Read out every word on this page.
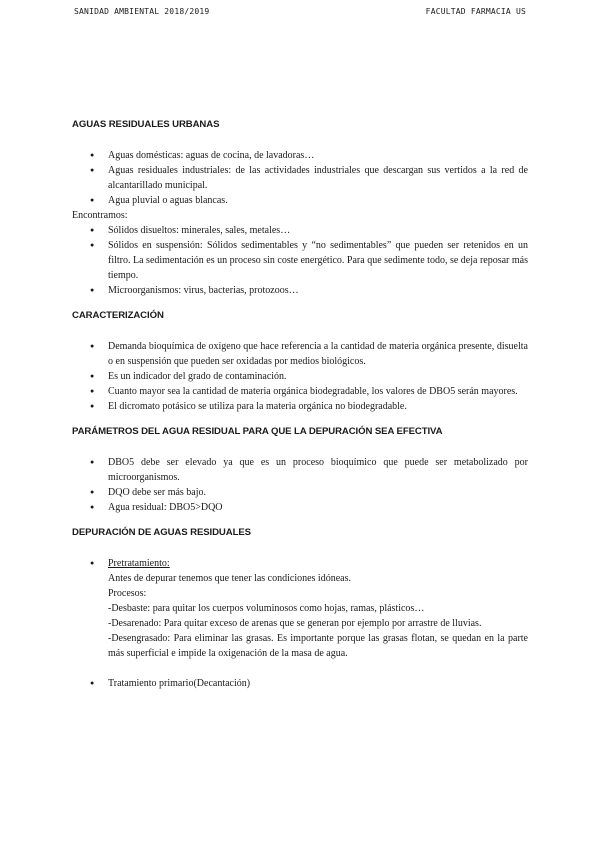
SANIDAD AMBIENTAL 2018/2019	FACULTAD FARMACIA US
AGUAS RESIDUALES URBANAS
● Aguas domésticas: aguas de cocina, de lavadoras…
● Aguas residuales industriales: de las actividades industriales que descargan sus vertidos a la red de alcantarillado municipal.
● Agua pluvial o aguas blancas.

Encontramos:

● Sólidos disueltos: minerales, sales, metales…
● Sólidos en suspensión: Sólidos sedimentables y “no sedimentables” que pueden ser retenidos en un filtro. La sedimentación es un proceso sin coste energético. Para que sedimente todo, se deja reposar más tiempo.
● Microorganismos: virus, bacterias, protozoos…
CARACTERIZACIÓN
● Demanda bioquímica de oxígeno que hace referencia a la cantidad de materia orgánica presente, disuelta o en suspensión que pueden ser oxidadas por medios biológicos.
● Es un indicador del grado de contaminación.
● Cuanto mayor sea la cantidad de materia orgánica biodegradable, los valores de DBO5 serán mayores.
● El dicromato potásico se utiliza para la materia orgánica no biodegradable.
PARÁMETROS DEL AGUA RESIDUAL PARA QUE LA DEPURACIÓN SEA EFECTIVA
● DBO5 debe ser elevado ya que es un proceso bioquímico que puede ser metabolizado por microorganismos.
● DQO debe ser más bajo.
● Agua residual: DBO5>DQO
DEPURACIÓN DE AGUAS RESIDUALES

● Pretratamiento:

Antes de depurar tenemos que tener las condiciones idóneas.

Procesos:

-Desbaste: para quitar los cuerpos voluminosos como hojas, ramas, plásticos…

-Desarenado: Para quitar exceso de arenas que se generan por ejemplo por arrastre de lluvias.

-Desengrasado: Para eliminar las grasas. Es importante porque las grasas flotan, se quedan en la parte más superficial e impide la oxigenación de la masa de agua.

● Tratamiento primario(Decantación)
